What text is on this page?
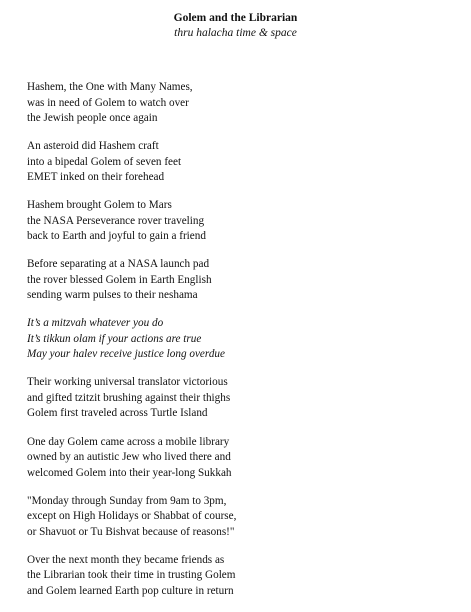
Golem and the Librarian
thru halacha time & space

Hashem, the One with Many Names,
was in need of Golem to watch over
the Jewish people once again

An asteroid did Hashem craft
into a bipedal Golem of seven feet
EMET inked on their forehead

Hashem brought Golem to Mars
the NASA Perseverance rover traveling
back to Earth and joyful to gain a friend

Before separating at a NASA launch pad
the rover blessed Golem in Earth English
sending warm pulses to their neshama

It’s a mitzvah whatever you do
It’s tikkun olam if your actions are true
May your halev receive justice long overdue

Their working universal translator victorious
and gifted tzitzit brushing against their thighs
Golem first traveled across Turtle Island

One day Golem came across a mobile library
owned by an autistic Jew who lived there and
welcomed Golem into their year-long Sukkah

"Monday through Sunday from 9am to 3pm,
except on High Holidays or Shabbat of course,
or Shavuot or Tu Bishvat because of reasons!"

Over the next month they became friends as
the Librarian took their time in trusting Golem
and Golem learned Earth pop culture in return
